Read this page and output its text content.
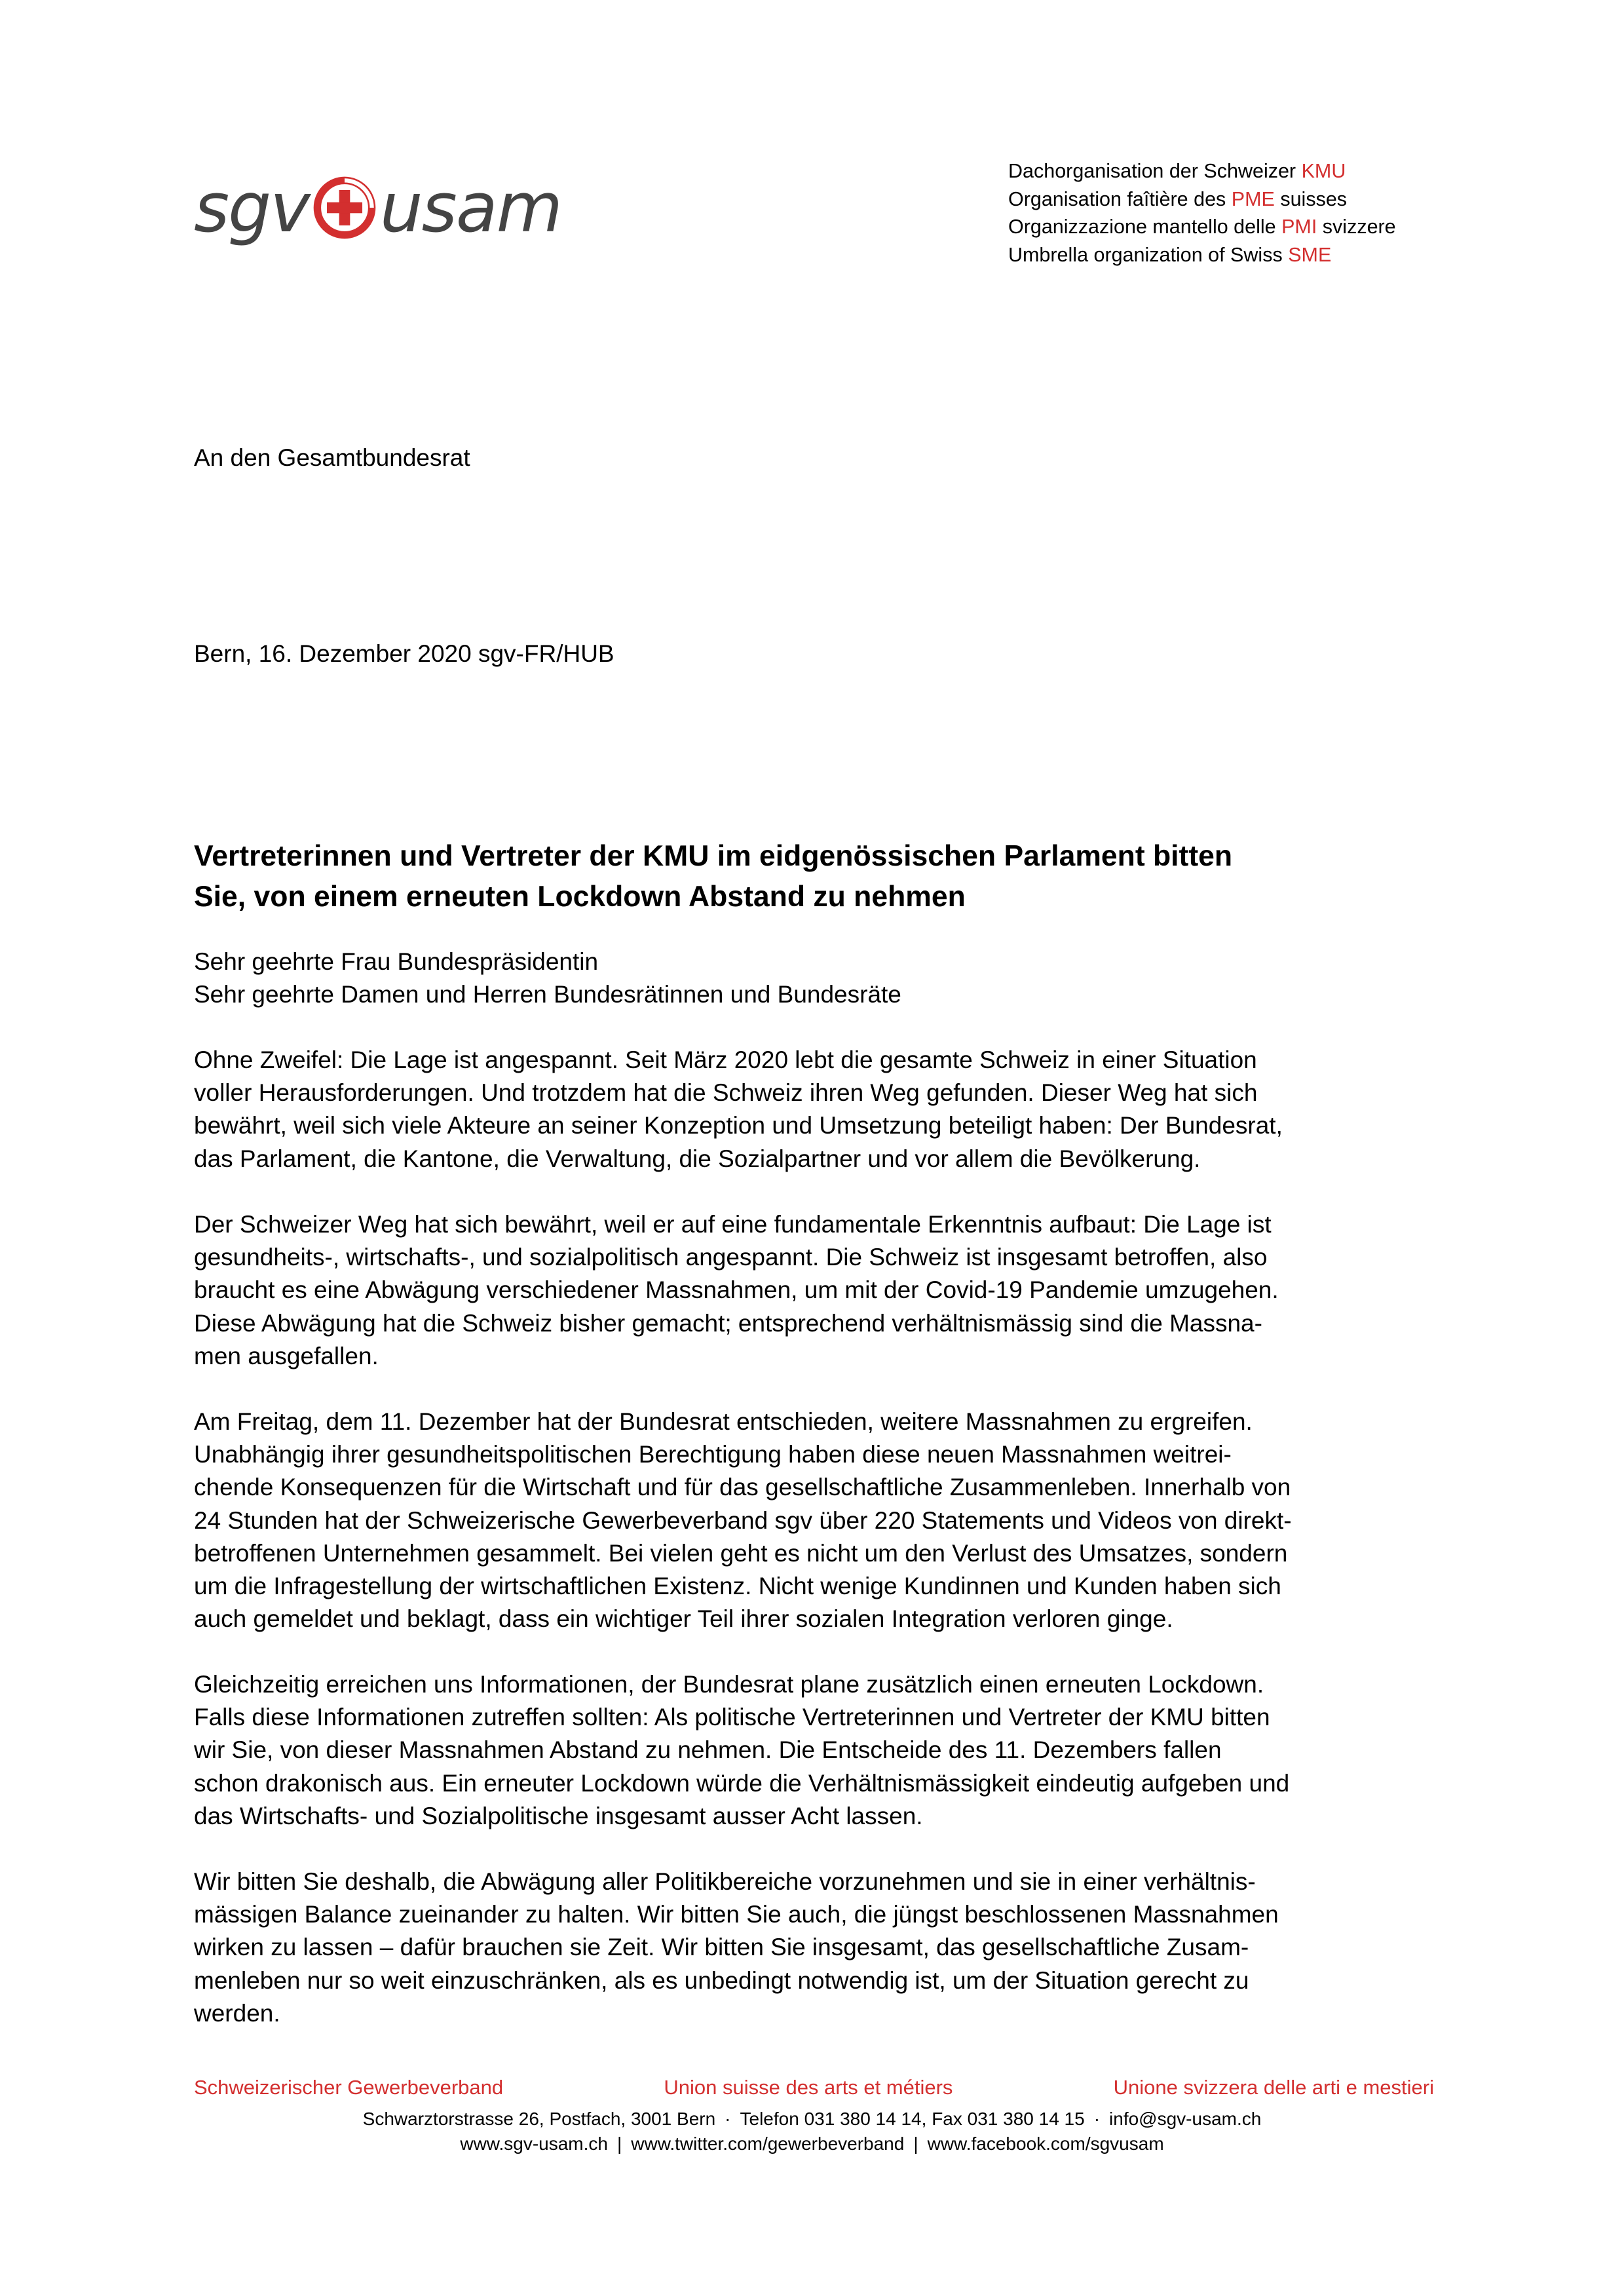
sgv usam	Dachorganisation der Schweizer KMU
Organisation faîtière des PME suisses
Organizzazione mantello delle PMI svizzere
Umbrella organization of Swiss SME
An den Gesamtbundesrat
Bern, 16. Dezember 2020 sgv-FR/HUB
Vertreterinnen und Vertreter der KMU im eidgenössischen Parlament bitten
Sie, von einem erneuten Lockdown Abstand zu nehmen
Sehr geehrte Frau Bundespräsidentin
Sehr geehrte Damen und Herren Bundesrätinnen und Bundesräte
Ohne Zweifel: Die Lage ist angespannt. Seit März 2020 lebt die gesamte Schweiz in einer Situation
voller Herausforderungen. Und trotzdem hat die Schweiz ihren Weg gefunden. Dieser Weg hat sich
bewährt, weil sich viele Akteure an seiner Konzeption und Umsetzung beteiligt haben: Der Bundesrat,
das Parlament, die Kantone, die Verwaltung, die Sozialpartner und vor allem die Bevölkerung.
Der Schweizer Weg hat sich bewährt, weil er auf eine fundamentale Erkenntnis aufbaut: Die Lage ist
gesundheits-, wirtschafts-, und sozialpolitisch angespannt. Die Schweiz ist insgesamt betroffen, also
braucht es eine Abwägung verschiedener Massnahmen, um mit der Covid-19 Pandemie umzugehen.
Diese Abwägung hat die Schweiz bisher gemacht; entsprechend verhältnismässig sind die Massna-
men ausgefallen.
Am Freitag, dem 11. Dezember hat der Bundesrat entschieden, weitere Massnahmen zu ergreifen.
Unabhängig ihrer gesundheitspolitischen Berechtigung haben diese neuen Massnahmen weitrei-
chende Konsequenzen für die Wirtschaft und für das gesellschaftliche Zusammenleben. Innerhalb von
24 Stunden hat der Schweizerische Gewerbeverband sgv über 220 Statements und Videos von direkt-
betroffenen Unternehmen gesammelt. Bei vielen geht es nicht um den Verlust des Umsatzes, sondern
um die Infragestellung der wirtschaftlichen Existenz. Nicht wenige Kundinnen und Kunden haben sich
auch gemeldet und beklagt, dass ein wichtiger Teil ihrer sozialen Integration verloren ginge.
Gleichzeitig erreichen uns Informationen, der Bundesrat plane zusätzlich einen erneuten Lockdown.
Falls diese Informationen zutreffen sollten: Als politische Vertreterinnen und Vertreter der KMU bitten
wir Sie, von dieser Massnahmen Abstand zu nehmen. Die Entscheide des 11. Dezembers fallen
schon drakonisch aus. Ein erneuter Lockdown würde die Verhältnismässigkeit eindeutig aufgeben und
das Wirtschafts- und Sozialpolitische insgesamt ausser Acht lassen.
Wir bitten Sie deshalb, die Abwägung aller Politikbereiche vorzunehmen und sie in einer verhältnis-
mässigen Balance zueinander zu halten. Wir bitten Sie auch, die jüngst beschlossenen Massnahmen
wirken zu lassen – dafür brauchen sie Zeit. Wir bitten Sie insgesamt, das gesellschaftliche Zusam-
menleben nur so weit einzuschränken, als es unbedingt notwendig ist, um der Situation gerecht zu
werden.
Schweizerischer Gewerbeverband	Union suisse des arts et métiers	Unione svizzera delle arti e mestieri
Schwarztorstrasse 26, Postfach, 3001 Bern · Telefon 031 380 14 14, Fax 031 380 14 15 · info@sgv-usam.ch
www.sgv-usam.ch | www.twitter.com/gewerbeverband | www.facebook.com/sgvusam
